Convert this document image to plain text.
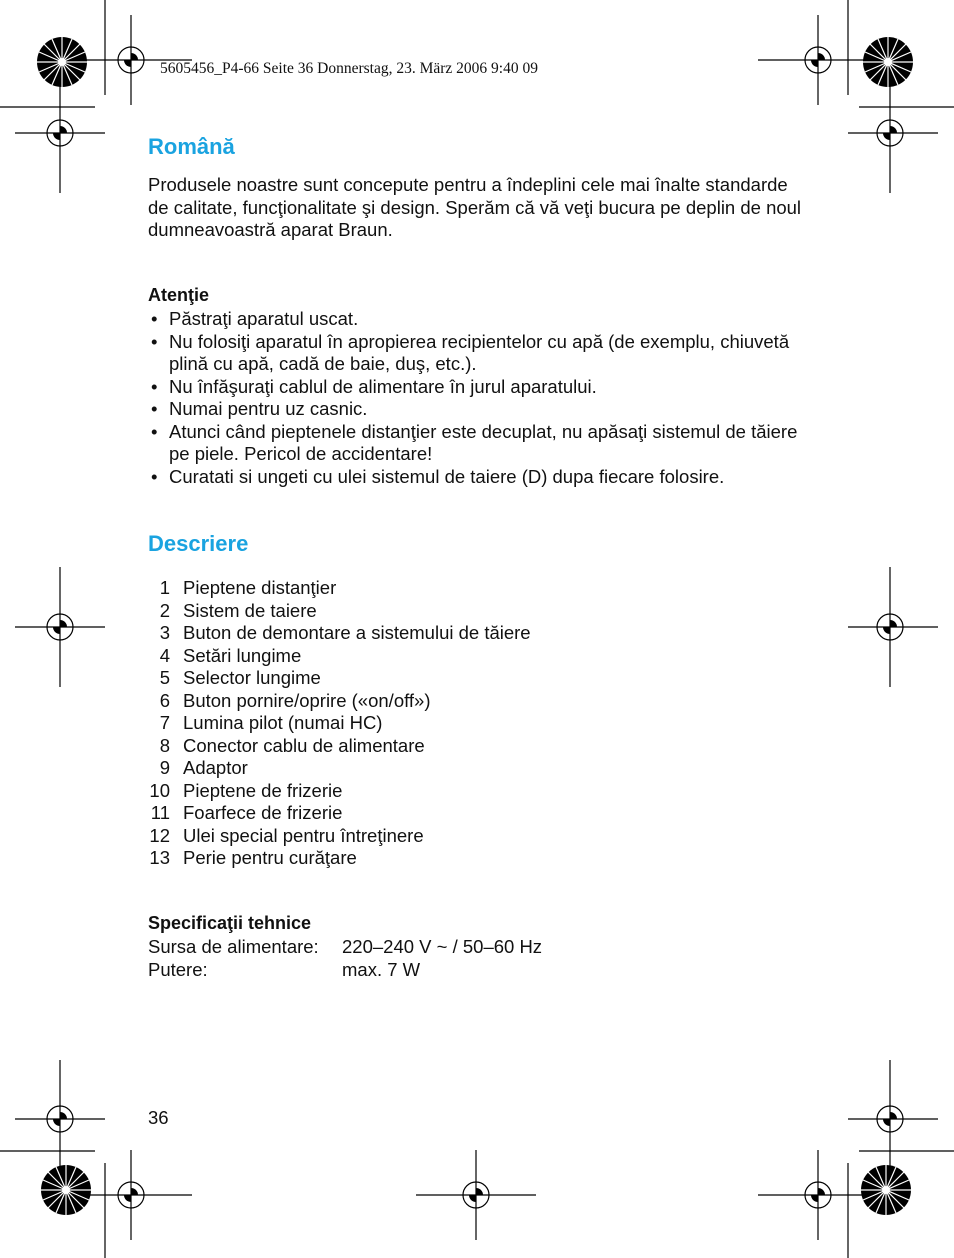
5605456_P4-66 Seite 36 Donnerstag, 23. März 2006 9:40 09
Română

Produsele noastre sunt concepute pentru a îndeplini cele mai înalte standarde de calitate, funcţionalitate şi design. Sperăm că vă veţi bucura pe deplin de noul dumneavoastră aparat Braun.

Atenţie
• Păstraţi aparatul uscat.
• Nu folosiţi aparatul în apropierea recipientelor cu apă (de exemplu, chiuvetă plină cu apă, cadă de baie, duş, etc.).
• Nu înfăşuraţi cablul de alimentare în jurul aparatului.
• Numai pentru uz casnic.
• Atunci când pieptenele distanţier este decuplat, nu apăsaţi sistemul de tăiere pe piele. Pericol de accidentare!
• Curatati si ungeti cu ulei sistemul de taiere (D) dupa fiecare folosire.
Descriere
1 Pieptene distanţier
2 Sistem de taiere
3 Buton de demontare a sistemului de tăiere
4 Setări lungime
5 Selector lungime
6 Buton pornire/oprire («on/off»)
7 Lumina pilot (numai HC)
8 Conector cablu de alimentare
9 Adaptor
10 Pieptene de frizerie
11 Foarfece de frizerie
12 Ulei special pentru întreţinere
13 Perie pentru curăţare
Specificaţii tehnice
Sursa de alimentare:	220–240 V ~ / 50–60 Hz
Putere:	max. 7 W
36
